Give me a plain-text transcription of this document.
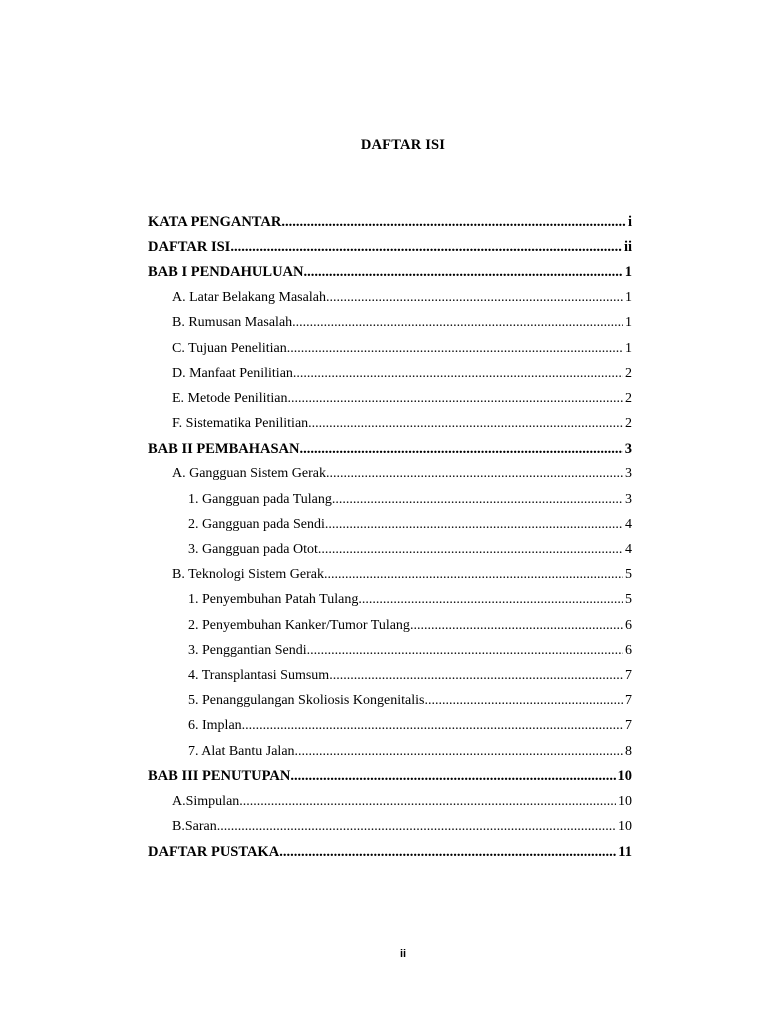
DAFTAR ISI
KATA PENGANTAR .....	i
DAFTAR ISI .....	ii
BAB I PENDAHULUAN .....	1
A. Latar Belakang Masalah .....	1
B. Rumusan Masalah .....	1
C. Tujuan Penelitian .....	1
D. Manfaat Penilitian .....	2
E. Metode Penilitian .....	2
F. Sistematika Penilitian .....	2
BAB II PEMBAHASAN .....	3
A. Gangguan Sistem Gerak .....	3
1. Gangguan pada Tulang .....	3
2. Gangguan pada Sendi .....	4
3. Gangguan pada Otot .....	4
B. Teknologi Sistem Gerak .....	5
1. Penyembuhan Patah Tulang .....	5
2. Penyembuhan Kanker/Tumor Tulang .....	6
3. Penggantian Sendi .....	6
4. Transplantasi Sumsum .....	7
5. Penanggulangan Skoliosis Kongenitalis .....	7
6. Implan .....	7
7. Alat Bantu Jalan .....	8
BAB III PENUTUPAN .....	10
A.Simpulan .....	10
B.Saran .....	10
DAFTAR PUSTAKA .....	11
ii
